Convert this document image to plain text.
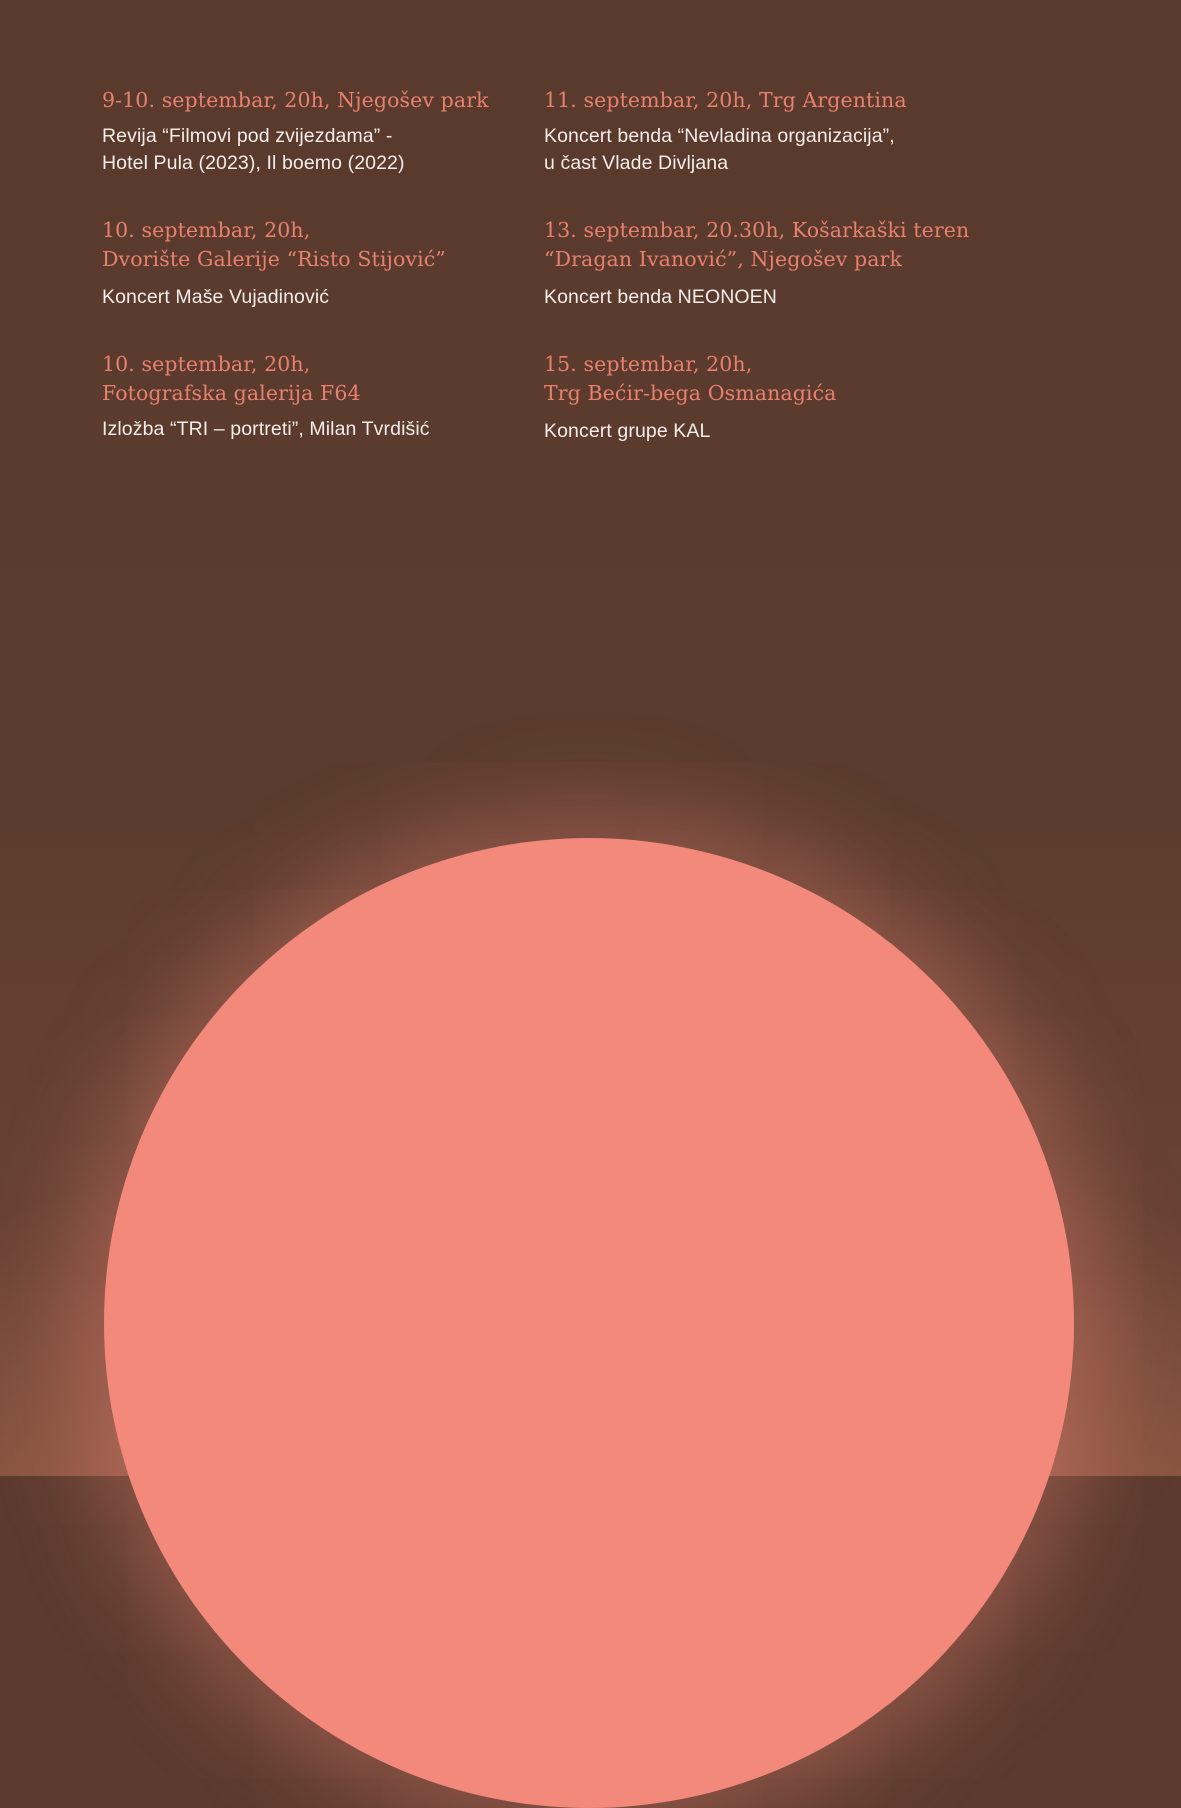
9-10. septembar, 20h, Njegošev park

Revija “Filmovi pod zvijezdama” -
Hotel Pula (2023), Il boemo (2022)

10. septembar, 20h,
Dvorište Galerije “Risto Stijović”

Koncert Maše Vujadinović

10. septembar, 20h,
Fotografska galerija F64

Izložba “TRI – portreti”, Milan Tvrdišić

11. septembar, 20h, Trg Argentina

Koncert benda “Nevladina organizacija”,
u čast Vlade Divljana

13. septembar, 20.30h, Košarkaški teren
“Dragan Ivanović”, Njegošev park

Koncert benda NEONOEN

15. septembar, 20h,
Trg Bećir-bega Osmanagića

Koncert grupe KAL
